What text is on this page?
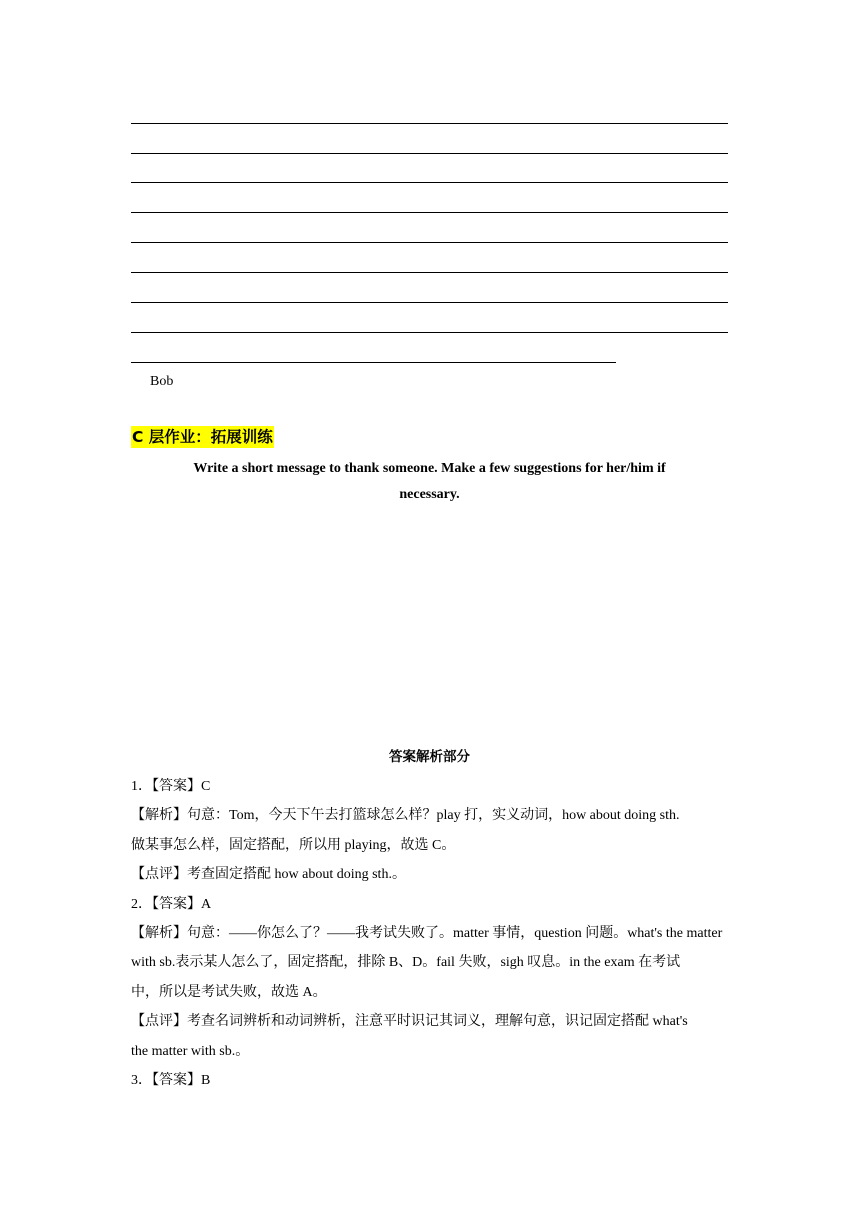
Bob
C 层作业：拓展训练
Write a short message to thank someone. Make a few suggestions for her/him if
necessary.
答案解析部分
1．【答案】C
【解析】句意：Tom，今天下午去打篮球怎么样？play 打，实义动词，how about doing sth.
做某事怎么样，固定搭配，所以用 playing，故选 C。
【点评】考查固定搭配 how about doing sth.。
2．【答案】A
【解析】句意：——你怎么了？——我考试失败了。matter 事情，question 问题。what's the matter
with sb.表示某人怎么了，固定搭配，排除 B、D。fail 失败，sigh 叹息。in the exam 在考试
中，所以是考试失败，故选 A。
【点评】考查名词辨析和动词辨析，注意平时识记其词义，理解句意，识记固定搭配 what's
the matter with sb.。
3．【答案】B
